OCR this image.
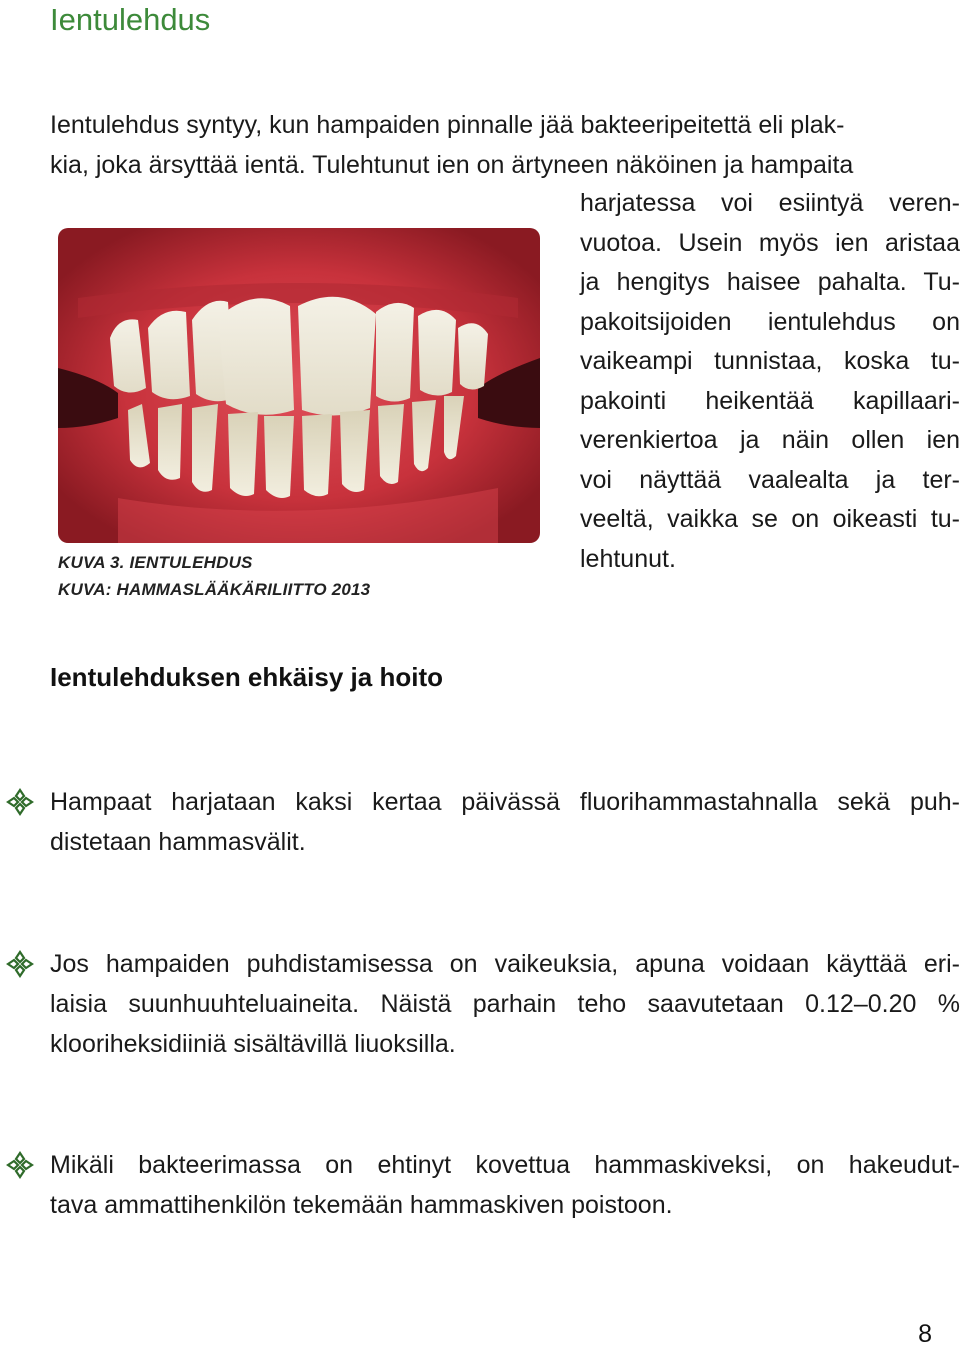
Ientulehdus

Ientulehdus syntyy, kun hampaiden pinnalle jää bakteeripeitettä eli plak-
kia, joka ärsyttää ientä. Tulehtunut ien on ärtyneen näköinen ja hampaita

harjatessa voi esiintyä veren-
vuotoa. Usein myös ien aristaa
ja hengitys haisee pahalta. Tu-
pakoitsijoiden ientulehdus on
vaikeampi tunnistaa, koska tu-
pakointi heikentää kapillaari-
verenkiertoa ja näin ollen ien
voi näyttää vaalealta ja ter-
veeltä, vaikka se on oikeasti tu-
lehtunut.
KUVA 3. IENTULEHDUS
KUVA: HAMMASLÄÄKÄRILIITTO 2013
Ientulehduksen ehkäisy ja hoito
Hampaat harjataan kaksi kertaa päivässä fluorihammastahnalla sekä puh-
distetaan hammasvälit.
Jos hampaiden puhdistamisessa on vaikeuksia, apuna voidaan käyttää eri-
laisia suunhuuhteluaineita. Näistä parhain teho saavutetaan 0.12–0.20 %
klooriheksidiiniä sisältävillä liuoksilla.
Mikäli bakteerimassa on ehtinyt kovettua hammaskiveksi, on hakeudut-
tava ammattihenkilön tekemään hammaskiven poistoon.
8
